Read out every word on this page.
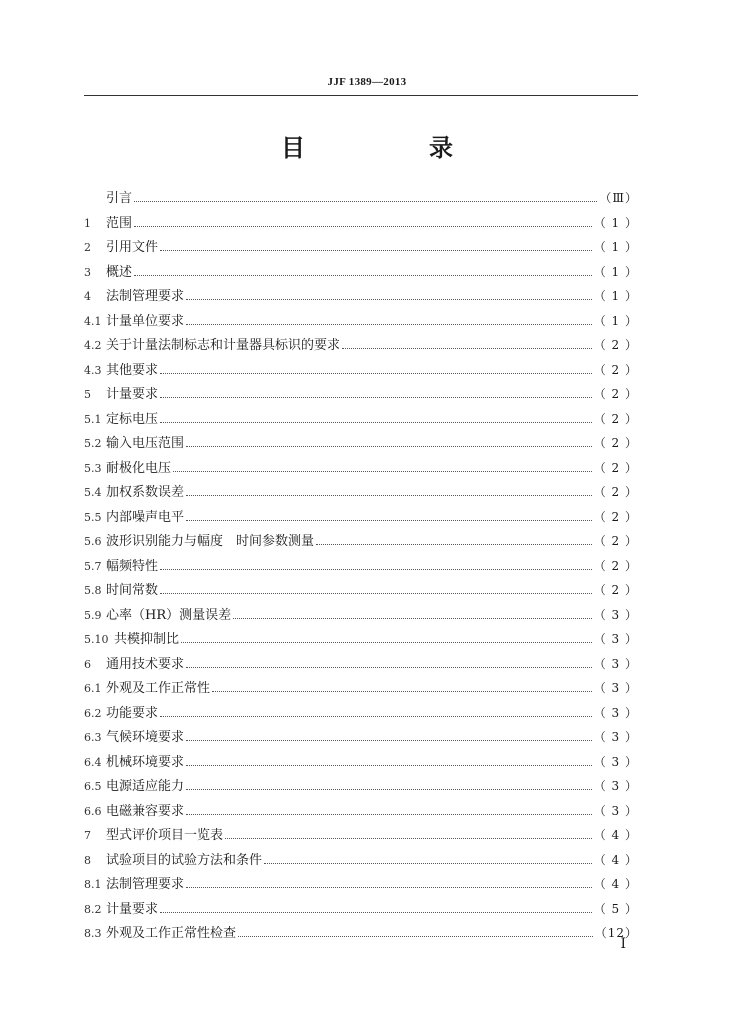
JJF 1389—2013
目　录
引言	（Ⅲ）
1	范围	（ 1 ）
2	引用文件	（ 1 ）
3	概述	（ 1 ）
4	法制管理要求	（ 1 ）
4.1 计量单位要求	（ 1 ）
4.2 关于计量法制标志和计量器具标识的要求	（ 2 ）
4.3 其他要求	（ 2 ）
5	计量要求	（ 2 ）
5.1 定标电压	（ 2 ）
5.2 输入电压范围	（ 2 ）
5.3 耐极化电压	（ 2 ）
5.4 加权系数误差	（ 2 ）
5.5 内部噪声电平	（ 2 ）
5.6 波形识别能力与幅度　时间参数测量	（ 2 ）
5.7 幅频特性	（ 2 ）
5.8 时间常数	（ 2 ）
5.9 心率（HR）测量误差	（ 3 ）
5.10 共模抑制比	（ 3 ）
6	通用技术要求	（ 3 ）
6.1 外观及工作正常性	（ 3 ）
6.2 功能要求	（ 3 ）
6.3 气候环境要求	（ 3 ）
6.4 机械环境要求	（ 3 ）
6.5 电源适应能力	（ 3 ）
6.6 电磁兼容要求	（ 3 ）
7	型式评价项目一览表	（ 4 ）
8	试验项目的试验方法和条件	（ 4 ）
8.1 法制管理要求	（ 4 ）
8.2 计量要求	（ 5 ）
8.3 外观及工作正常性检查	（12）
Ⅰ
